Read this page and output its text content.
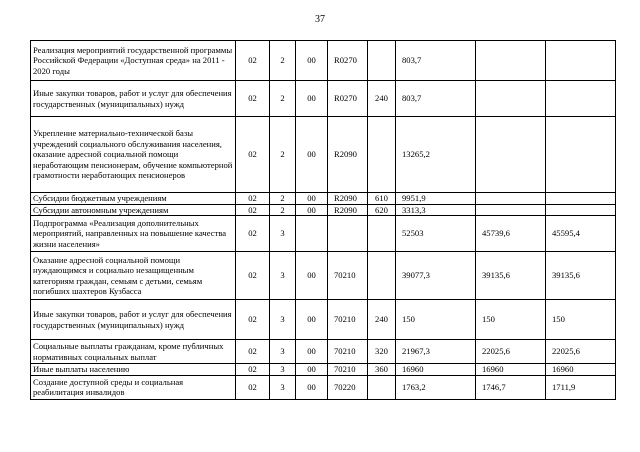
37
Реализация мероприятий государственной программы Российской Федерации «Доступная среда» на 2011 - 2020 годы	02	2	00	R0270		803,7		
Иные закупки товаров, работ и услуг для обеспечения государственных (муниципальных) нужд	02	2	00	R0270	240	803,7		
Укрепление материально-технической базы учреждений социального обслуживания населения, оказание адресной социальной помощи неработающим пенсионерам, обучение компьютерной грамотности неработающих пенсионеров	02	2	00	R2090		13265,2		
Субсидии бюджетным учреждениям	02	2	00	R2090	610	9951,9		
Субсидии автономным учреждениям	02	2	00	R2090	620	3313,3		
Подпрограмма «Реализация дополнительных мероприятий, направленных на повышение качества жизни населения»	02	3				52503	45739,6	45595,4
Оказание адресной социальной помощи нуждающимся и социально незащищенным категориям граждан, семьям с детьми, семьям погибших шахтеров Кузбасса	02	3	00	70210		39077,3	39135,6	39135,6
Иные закупки товаров, работ и услуг для обеспечения государственных (муниципальных) нужд	02	3	00	70210	240	150	150	150
Социальные выплаты гражданам, кроме публичных нормативных социальных выплат	02	3	00	70210	320	21967,3	22025,6	22025,6
Иные выплаты населению	02	3	00	70210	360	16960	16960	16960
Создание доступной среды и социальная реабилитация инвалидов	02	3	00	70220		1763,2	1746,7	1711,9
